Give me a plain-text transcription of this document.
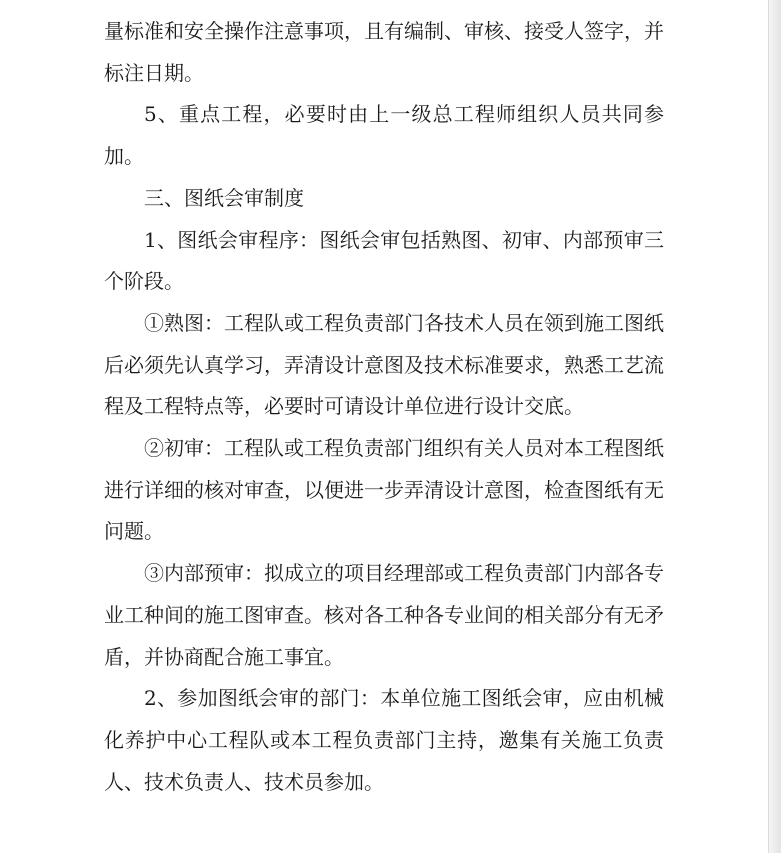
量标准和安全操作注意事项，且有编制、审核、接受人签字，并标注日期。

5、重点工程，必要时由上一级总工程师组织人员共同参加。

三、图纸会审制度

1、图纸会审程序：图纸会审包括熟图、初审、内部预审三个阶段。

①熟图：工程队或工程负责部门各技术人员在领到施工图纸后必须先认真学习，弄清设计意图及技术标准要求，熟悉工艺流程及工程特点等，必要时可请设计单位进行设计交底。

②初审：工程队或工程负责部门组织有关人员对本工程图纸进行详细的核对审查，以便进一步弄清设计意图，检查图纸有无问题。

③内部预审：拟成立的项目经理部或工程负责部门内部各专业工种间的施工图审查。核对各工种各专业间的相关部分有无矛盾，并协商配合施工事宜。

2、参加图纸会审的部门：本单位施工图纸会审，应由机械化养护中心工程队或本工程负责部门主持，邀集有关施工负责人、技术负责人、技术员参加。
